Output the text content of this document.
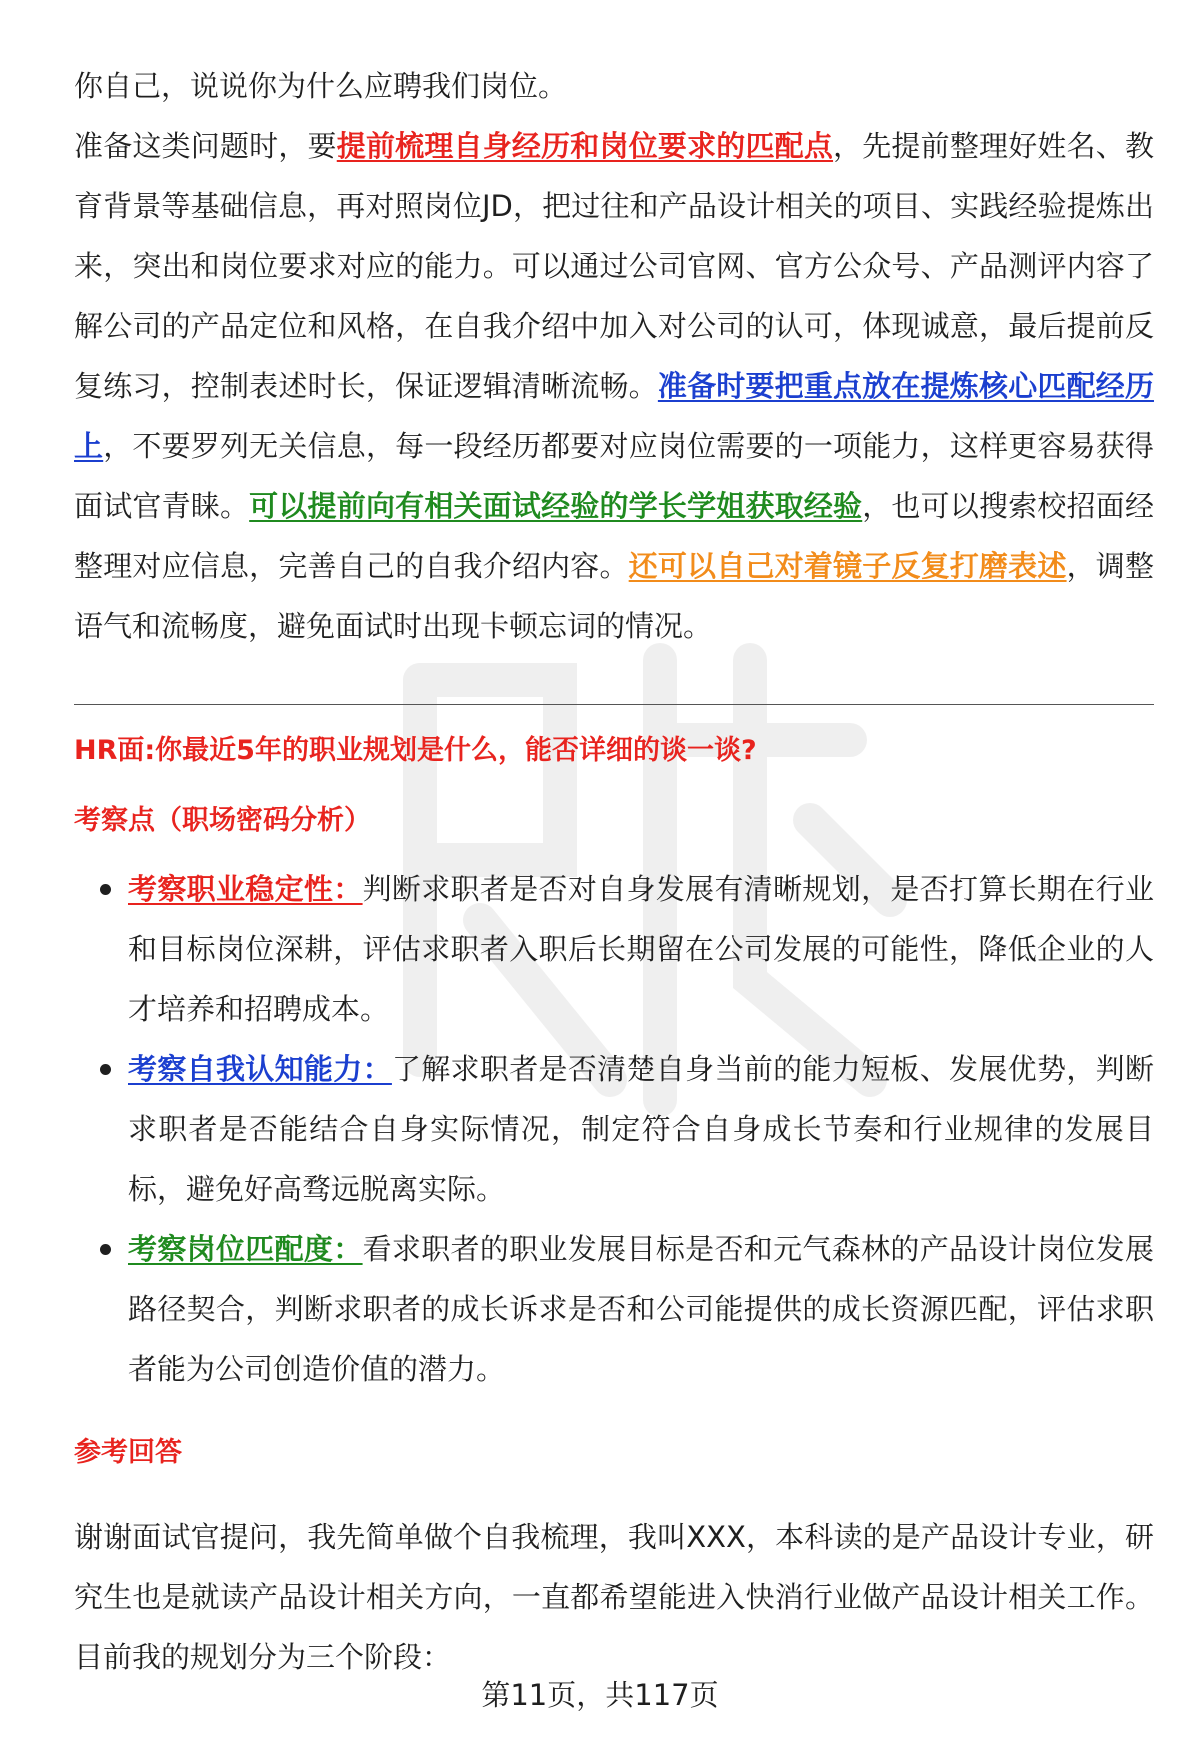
你自己，说说你为什么应聘我们岗位。
准备这类问题时，要提前梳理自身经历和岗位要求的匹配点，先提前整理好姓名、教育背景等基础信息，再对照岗位JD，把过往和产品设计相关的项目、实践经验提炼出来，突出和岗位要求对应的能力。可以通过公司官网、官方公众号、产品测评内容了解公司的产品定位和风格，在自我介绍中加入对公司的认可，体现诚意，最后提前反复练习，控制表述时长，保证逻辑清晰流畅。准备时要把重点放在提炼核心匹配经历上，不要罗列无关信息，每一段经历都要对应岗位需要的一项能力，这样更容易获得面试官青睐。可以提前向有相关面试经验的学长学姐获取经验，也可以搜索校招面经整理对应信息，完善自己的自我介绍内容。还可以自己对着镜子反复打磨表述，调整语气和流畅度，避免面试时出现卡顿忘词的情况。

HR面:你最近5年的职业规划是什么，能否详细的谈一谈?
考察点（职场密码分析）
考察职业稳定性：判断求职者是否对自身发展有清晰规划，是否打算长期在行业和目标岗位深耕，评估求职者入职后长期留在公司发展的可能性，降低企业的人才培养和招聘成本。
考察自我认知能力：了解求职者是否清楚自身当前的能力短板、发展优势，判断求职者是否能结合自身实际情况，制定符合自身成长节奏和行业规律的发展目标，避免好高骛远脱离实际。
考察岗位匹配度：看求职者的职业发展目标是否和元气森林的产品设计岗位发展路径契合，判断求职者的成长诉求是否和公司能提供的成长资源匹配，评估求职者能为公司创造价值的潜力。
参考回答

谢谢面试官提问，我先简单做个自我梳理，我叫XXX，本科读的是产品设计专业，研究生也是就读产品设计相关方向，一直都希望能进入快消行业做产品设计相关工作。目前我的规划分为三个阶段：

第11页，共117页
